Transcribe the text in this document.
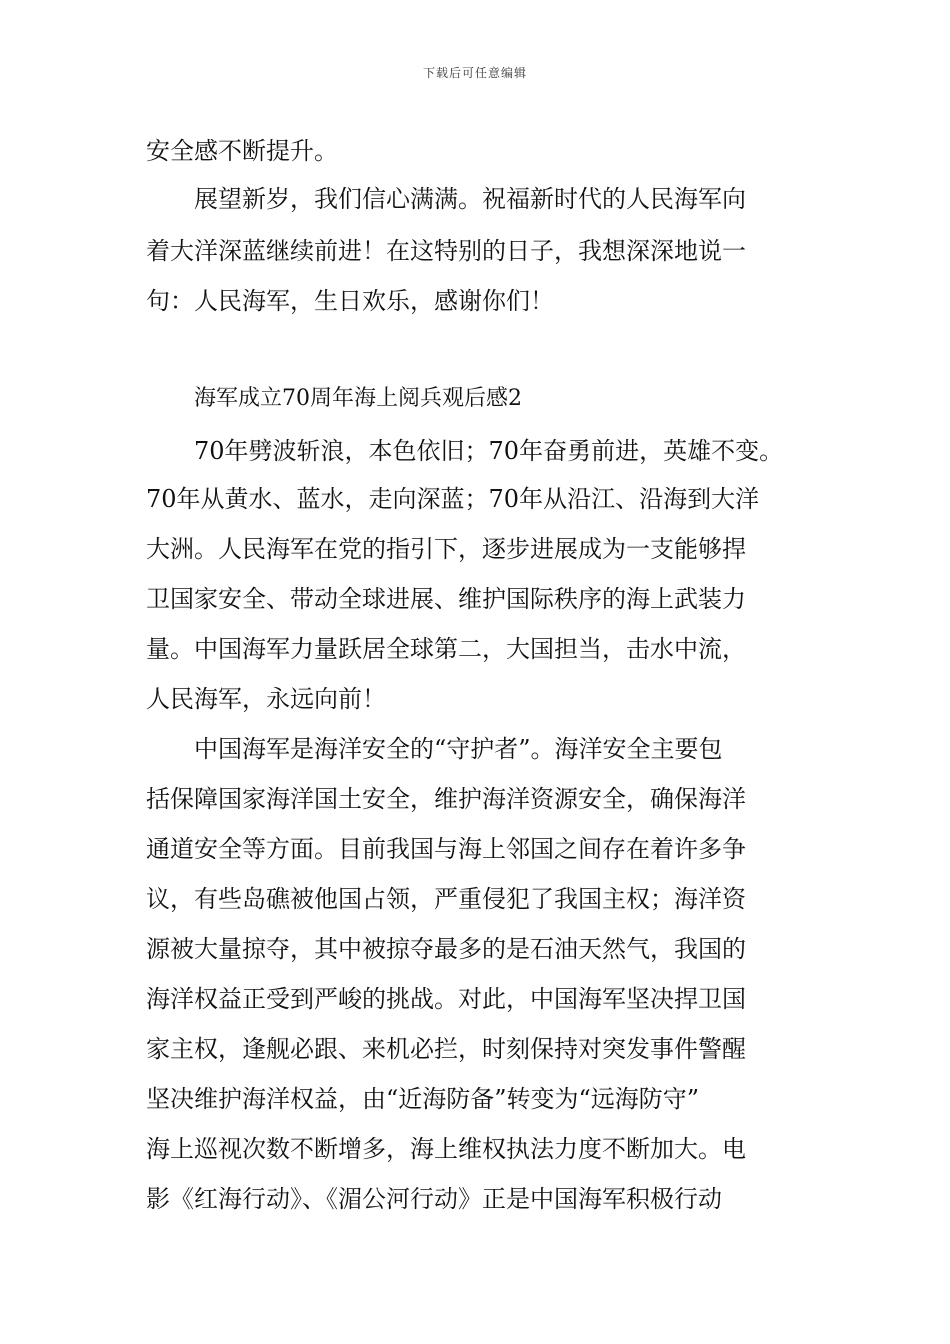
下载后可任意编辑
安全感不断提升。
展望新岁，我们信心满满。祝福新时代的人民海军向
着大洋深蓝继续前进！在这特别的日子，我想深深地说一
句：人民海军，生日欢乐，感谢你们！
海军成立70周年海上阅兵观后感2
70年劈波斩浪，本色依旧；70年奋勇前进，英雄不变。
70年从黄水、蓝水，走向深蓝；70年从沿江、沿海到大洋
大洲。人民海军在党的指引下，逐步进展成为一支能够捍
卫国家安全、带动全球进展、维护国际秩序的海上武装力
量。中国海军力量跃居全球第二，大国担当，击水中流，
人民海军，永远向前！
中国海军是海洋安全的“守护者”。海洋安全主要包
括保障国家海洋国土安全，维护海洋资源安全，确保海洋
通道安全等方面。目前我国与海上邻国之间存在着许多争
议，有些岛礁被他国占领，严重侵犯了我国主权；海洋资
源被大量掠夺，其中被掠夺最多的是石油天然气，我国的
海洋权益正受到严峻的挑战。对此，中国海军坚决捍卫国
家主权，逢舰必跟、来机必拦，时刻保持对突发事件警醒
坚决维护海洋权益，由“近海防备”转变为“远海防守”
海上巡视次数不断增多，海上维权执法力度不断加大。电
影《红海行动》、《湄公河行动》正是中国海军积极行动
